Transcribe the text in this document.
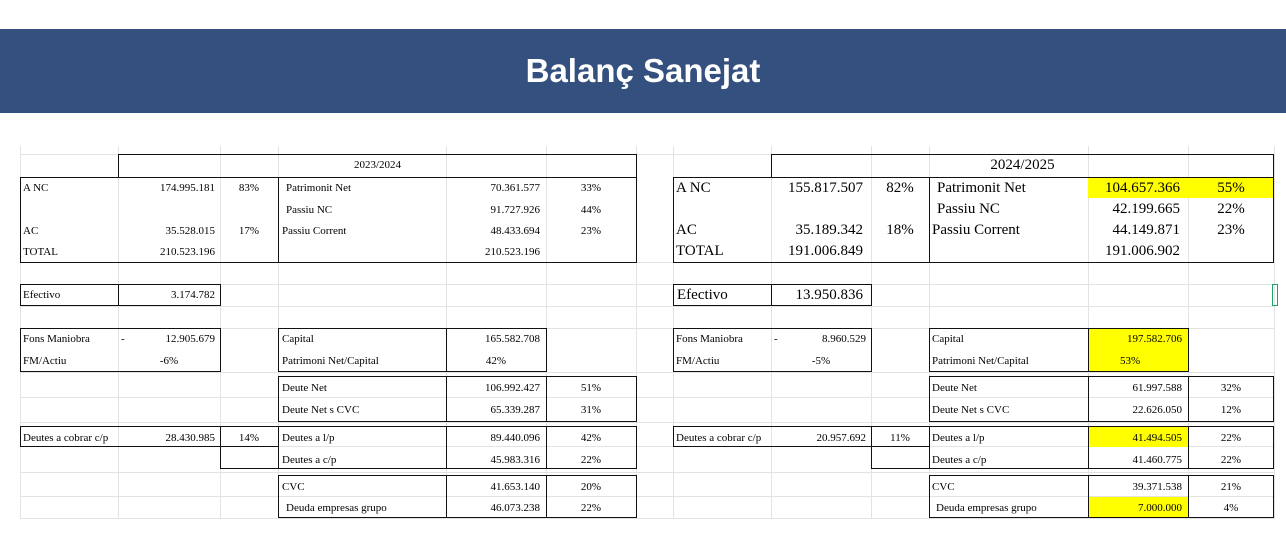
Balanç Sanejat
2023/2024
A NC	174.995.181	83%	Patrimonit Net	70.361.577	33%
Passiu NC	91.727.926	44%
AC	35.528.015	17%	Passiu Corrent	48.433.694	23%
TOTAL	210.523.196	210.523.196
Efectivo	3.174.782
Fons Maniobra	-	12.905.679
FM/Actiu	-6%
Capital	165.582.708
Patrimoni Net/Capital	42%
Deute Net	106.992.427	51%
Deute Net s CVC	65.339.287	31%
Deutes a cobrar c/p	28.430.985	14%	Deutes a l/p	89.440.096	42%
Deutes a c/p	45.983.316	22%
CVC	41.653.140	20%
Deuda empresas grupo	46.073.238	22%
2024/2025
A NC	155.817.507	82%	Patrimonit Net	104.657.366	55%
Passiu NC	42.199.665	22%
AC	35.189.342	18%	Passiu Corrent	44.149.871	23%
TOTAL	191.006.849	191.006.902
Efectivo	13.950.836
Fons Maniobra	-	8.960.529
FM/Actiu	-5%
Capital	197.582.706
Patrimoni Net/Capital	53%
Deute Net	61.997.588	32%
Deute Net s CVC	22.626.050	12%
Deutes a cobrar c/p	20.957.692	11%	Deutes a l/p	41.494.505	22%
Deutes a c/p	41.460.775	22%
CVC	39.371.538	21%
Deuda empresas grupo	7.000.000	4%
